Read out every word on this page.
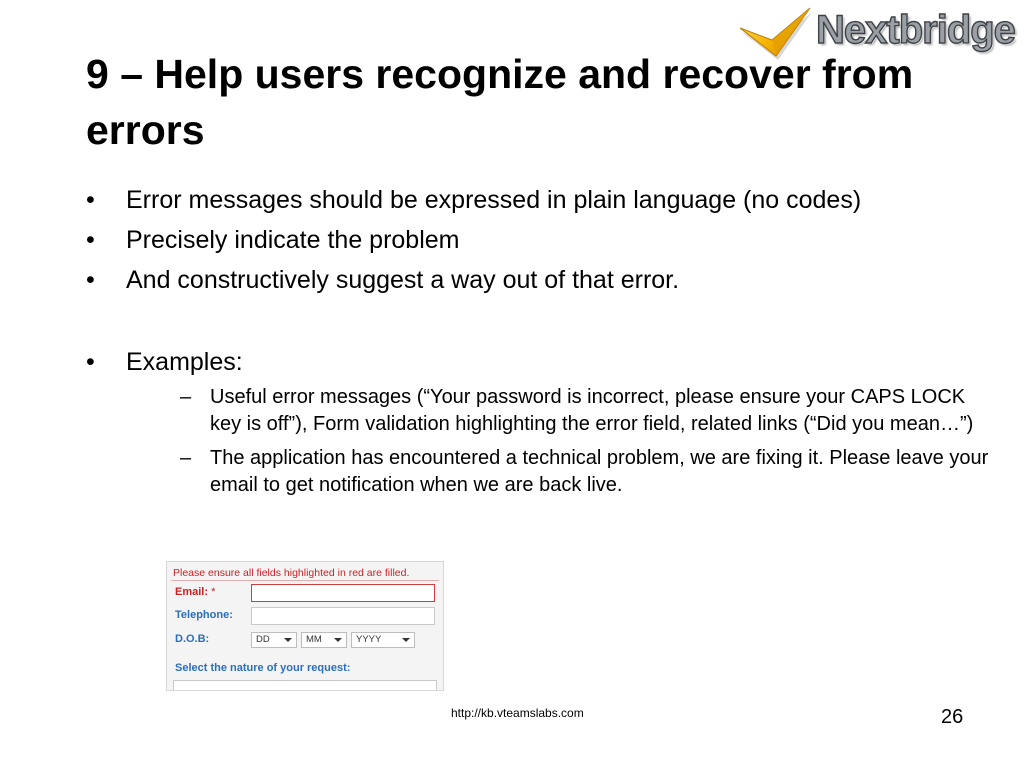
Nextbridge
9 – Help users recognize and recover from errors
• Error messages should be expressed in plain language (no codes)
• Precisely indicate the problem
• And constructively suggest a way out of that error.
• Examples:
– Useful error messages (“Your password is incorrect, please ensure your CAPS LOCK key is off”), Form validation highlighting the error field, related links (“Did you mean…”)
– The application has encountered a technical problem, we are fixing it. Please leave your email to get notification when we are back live.
Please ensure all fields highlighted in red are filled.
Email: *
Telephone:
D.O.B:	DD	MM	YYYY
Select the nature of your request:
http://kb.vteamslabs.com	26
